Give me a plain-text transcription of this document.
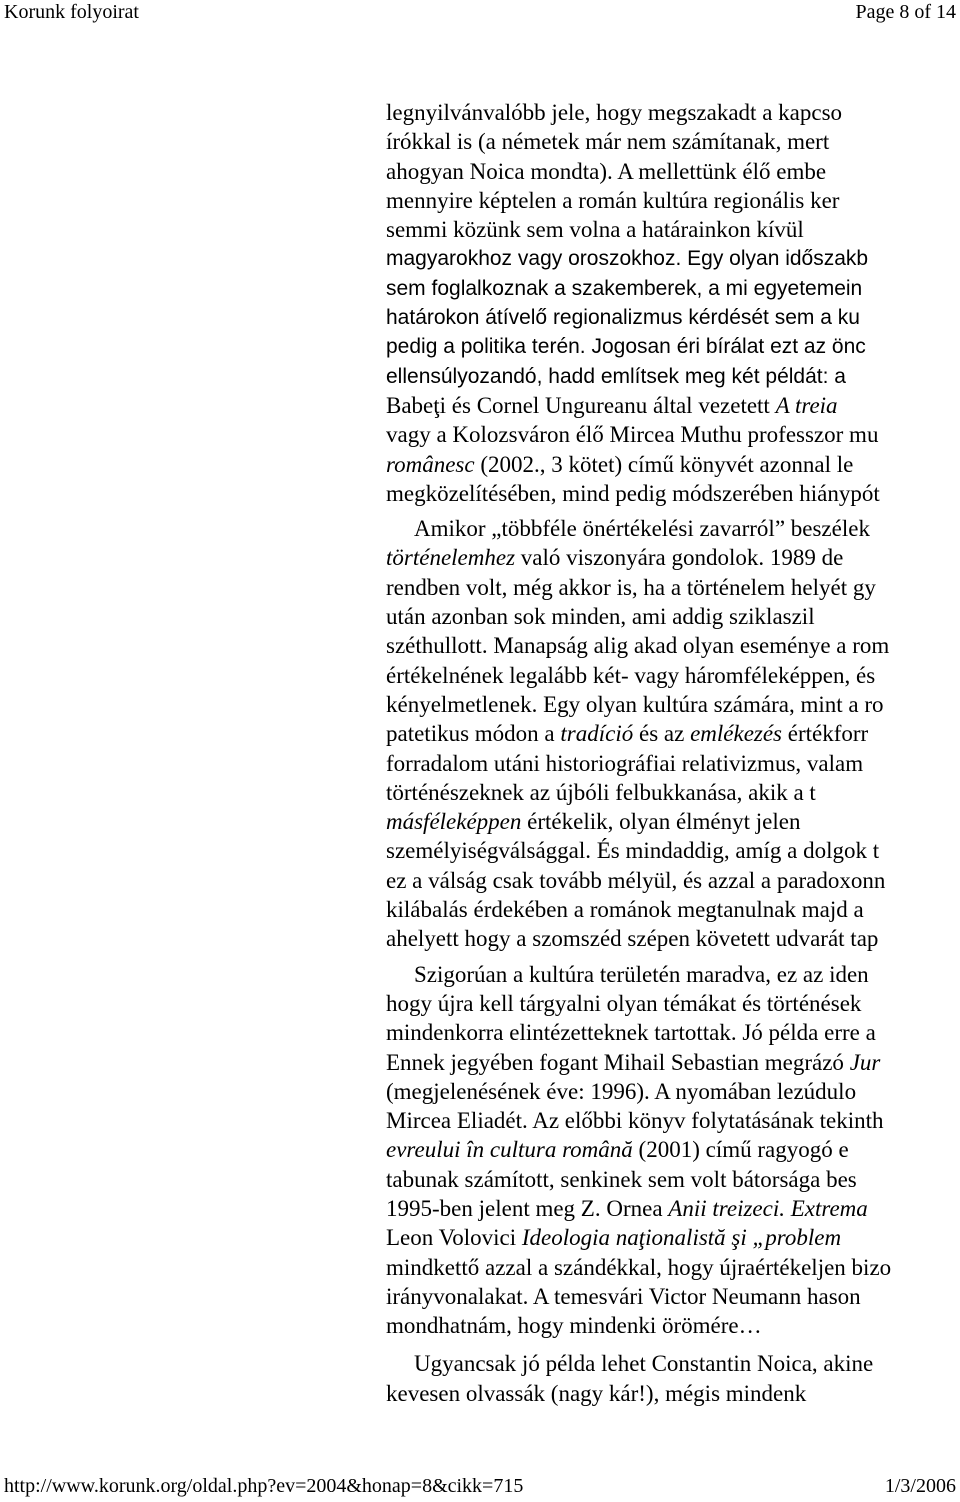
Korunk folyoirat	Page 8 of 14
legnyilvánvalóbb jele, hogy megszakadt a kapcso
írókkal is (a németek már nem számítanak, mert
ahogyan Noica mondta). A mellettünk élő embe
mennyire képtelen a román kultúra regionális ker
semmi közünk sem volna a határainkon kívül
magyarokhoz vagy oroszokhoz. Egy olyan időszakb
sem foglalkoznak a szakemberek, a mi egyetemein
határokon átívelő regionalizmus kérdését sem a ku
pedig a politika terén. Jogosan éri bírálat ezt az önc
ellensúlyozandó, hadd említsek meg két példát: a
Babeţi és Cornel Ungureanu által vezetett A treia
vagy a Kolozsváron élő Mircea Muthu professzor mu
românesc (2002., 3 kötet) című könyvét azonnal le
megközelítésében, mind pedig módszerében hiánypót
Amikor „többféle önértékelési zavarról” beszélek
történelemhez való viszonyára gondolok. 1989 de
rendben volt, még akkor is, ha a történelem helyét gy
után azonban sok minden, ami addig sziklaszil
széthullott. Manapság alig akad olyan eseménye a rom
értékelnének legalább két- vagy háromféleképpen, és
kényelmetlenek. Egy olyan kultúra számára, mint a ro
patetikus módon a tradíció és az emlékezés értékforr
forradalom utáni historiográfiai relativizmus, valam
történészeknek az újbóli felbukkanása, akik a t
másféleképpen értékelik, olyan élményt jelen
személyiségválsággal. És mindaddig, amíg a dolgok t
ez a válság csak tovább mélyül, és azzal a paradoxonn
kilábalás érdekében a románok megtanulnak majd a
ahelyett hogy a szomszéd szépen követett udvarát tap
Szigorúan a kultúra területén maradva, ez az iden
hogy újra kell tárgyalni olyan témákat és történések
mindenkorra elintézetteknek tartottak. Jó példa erre a
Ennek jegyében fogant Mihail Sebastian megrázó Jur
(megjelenésének éve: 1996). A nyomában lezúdulo
Mircea Eliadét. Az előbbi könyv folytatásának tekinth
evreului în cultura română (2001) című ragyogó e
tabunak számított, senkinek sem volt bátorsága bes
1995-ben jelent meg Z. Ornea Anii treizeci. Extrema
Leon Volovici Ideologia naţionalistă şi „problem
mindkettő azzal a szándékkal, hogy újraértékeljen bizo
irányvonalakat. A temesvári Victor Neumann hason
mondhatnám, hogy mindenki örömére…
Ugyancsak jó példa lehet Constantin Noica, akine
kevesen olvassák (nagy kár!), mégis mindenk
http://www.korunk.org/oldal.php?ev=2004&honap=8&cikk=715	1/3/2006
